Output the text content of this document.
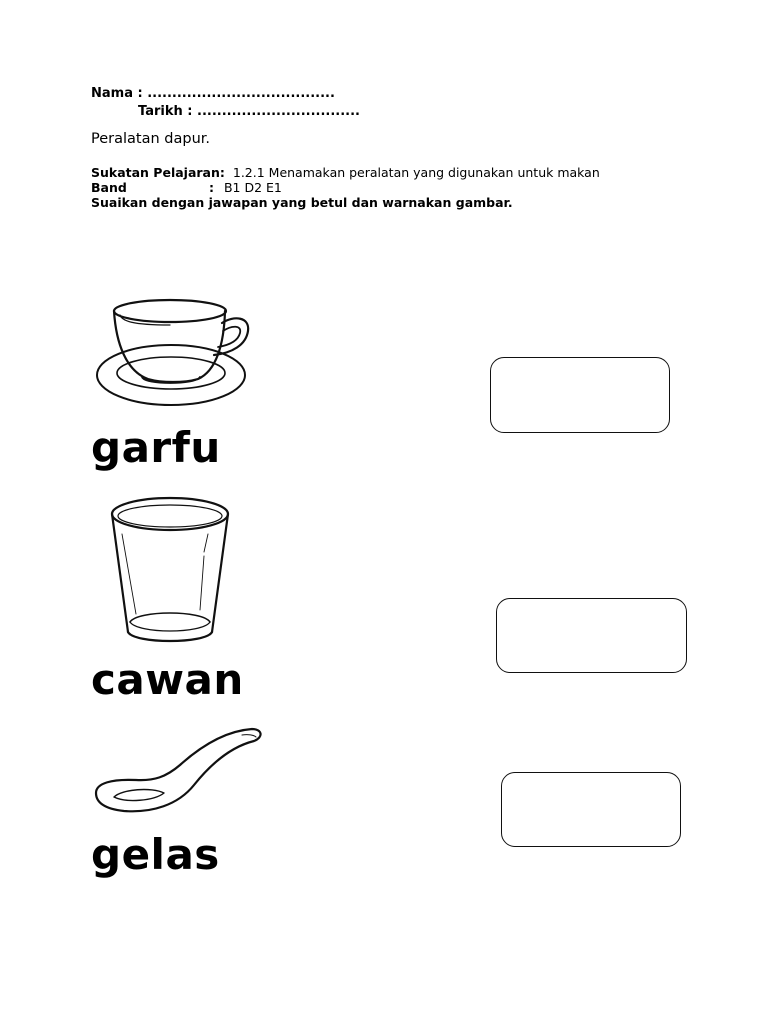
Nama : ......................................
Tarikh : .................................
Peralatan dapur.
Sukatan Pelajaran: 1.2.1 Menamakan peralatan yang digunakan untuk makan
Band	: B1 D2 E1
Suaikan dengan jawapan yang betul dan warnakan gambar.
garfu
cawan
gelas
